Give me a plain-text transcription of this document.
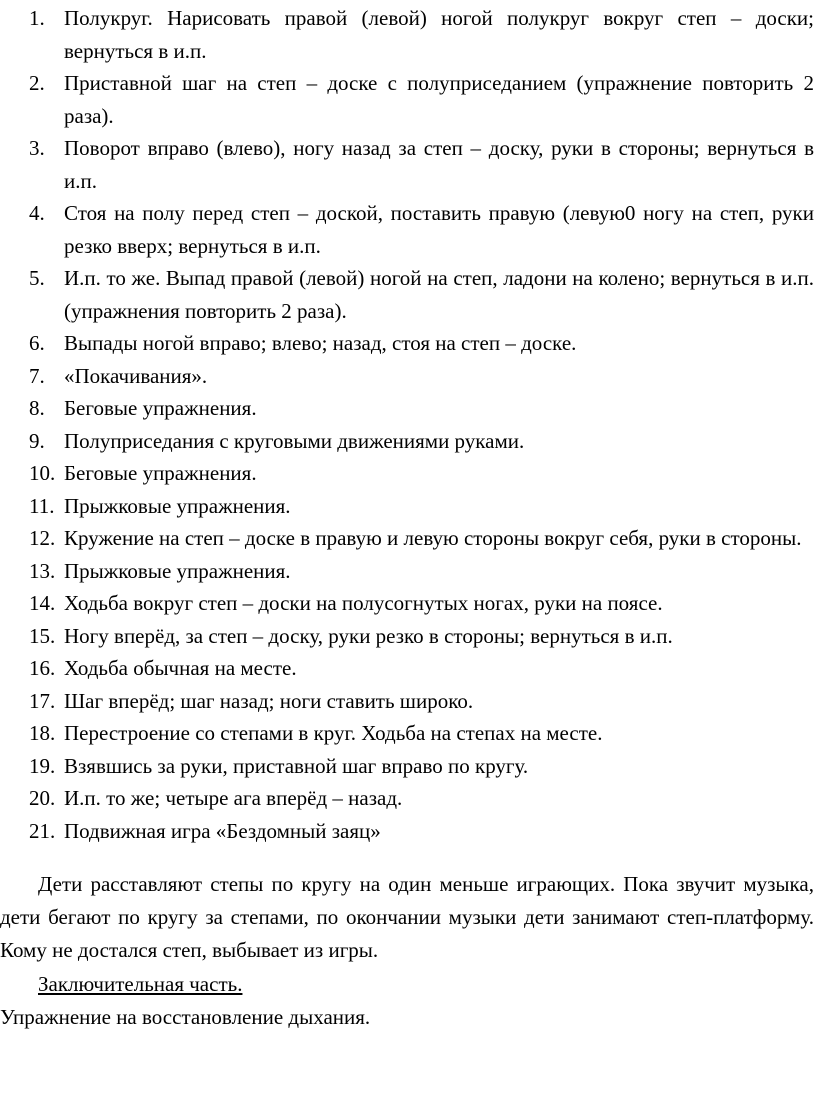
1. Полукруг. Нарисовать правой (левой) ногой полукруг вокруг степ – доски; вернуться в и.п.
2. Приставной шаг на степ – доске с полуприседанием (упражнение повторить 2 раза).
3. Поворот вправо (влево), ногу назад за степ – доску, руки в стороны; вернуться в и.п.
4. Стоя на полу перед степ – доской, поставить правую (левую0 ногу на степ, руки резко вверх; вернуться в и.п.
5. И.п. то же. Выпад правой (левой) ногой на степ, ладони на колено; вернуться в и.п. (упражнения повторить 2 раза).
6. Выпады ногой вправо; влево; назад, стоя на степ – доске.
7. «Покачивания».
8. Беговые упражнения.
9. Полуприседания с круговыми движениями руками.
10. Беговые упражнения.
11. Прыжковые упражнения.
12. Кружение на степ – доске в правую и левую стороны вокруг себя, руки в стороны.
13. Прыжковые упражнения.
14. Ходьба вокруг степ – доски на полусогнутых ногах, руки на поясе.
15. Ногу вперёд, за степ – доску, руки резко в стороны; вернуться в и.п.
16. Ходьба обычная на месте.
17. Шаг вперёд; шаг назад; ноги ставить широко.
18. Перестроение со степами в круг. Ходьба на степах на месте.
19. Взявшись за руки, приставной шаг вправо по кругу.
20. И.п. то же; четыре ага вперёд – назад.
21. Подвижная игра «Бездомный заяц»
Дети расставляют степы по кругу на один меньше играющих. Пока звучит музыка, дети бегают по кругу за степами, по окончании музыки дети занимают степ-платформу. Кому не достался степ, выбывает из игры.
Заключительная часть.
Упражнение на восстановление дыхания.
